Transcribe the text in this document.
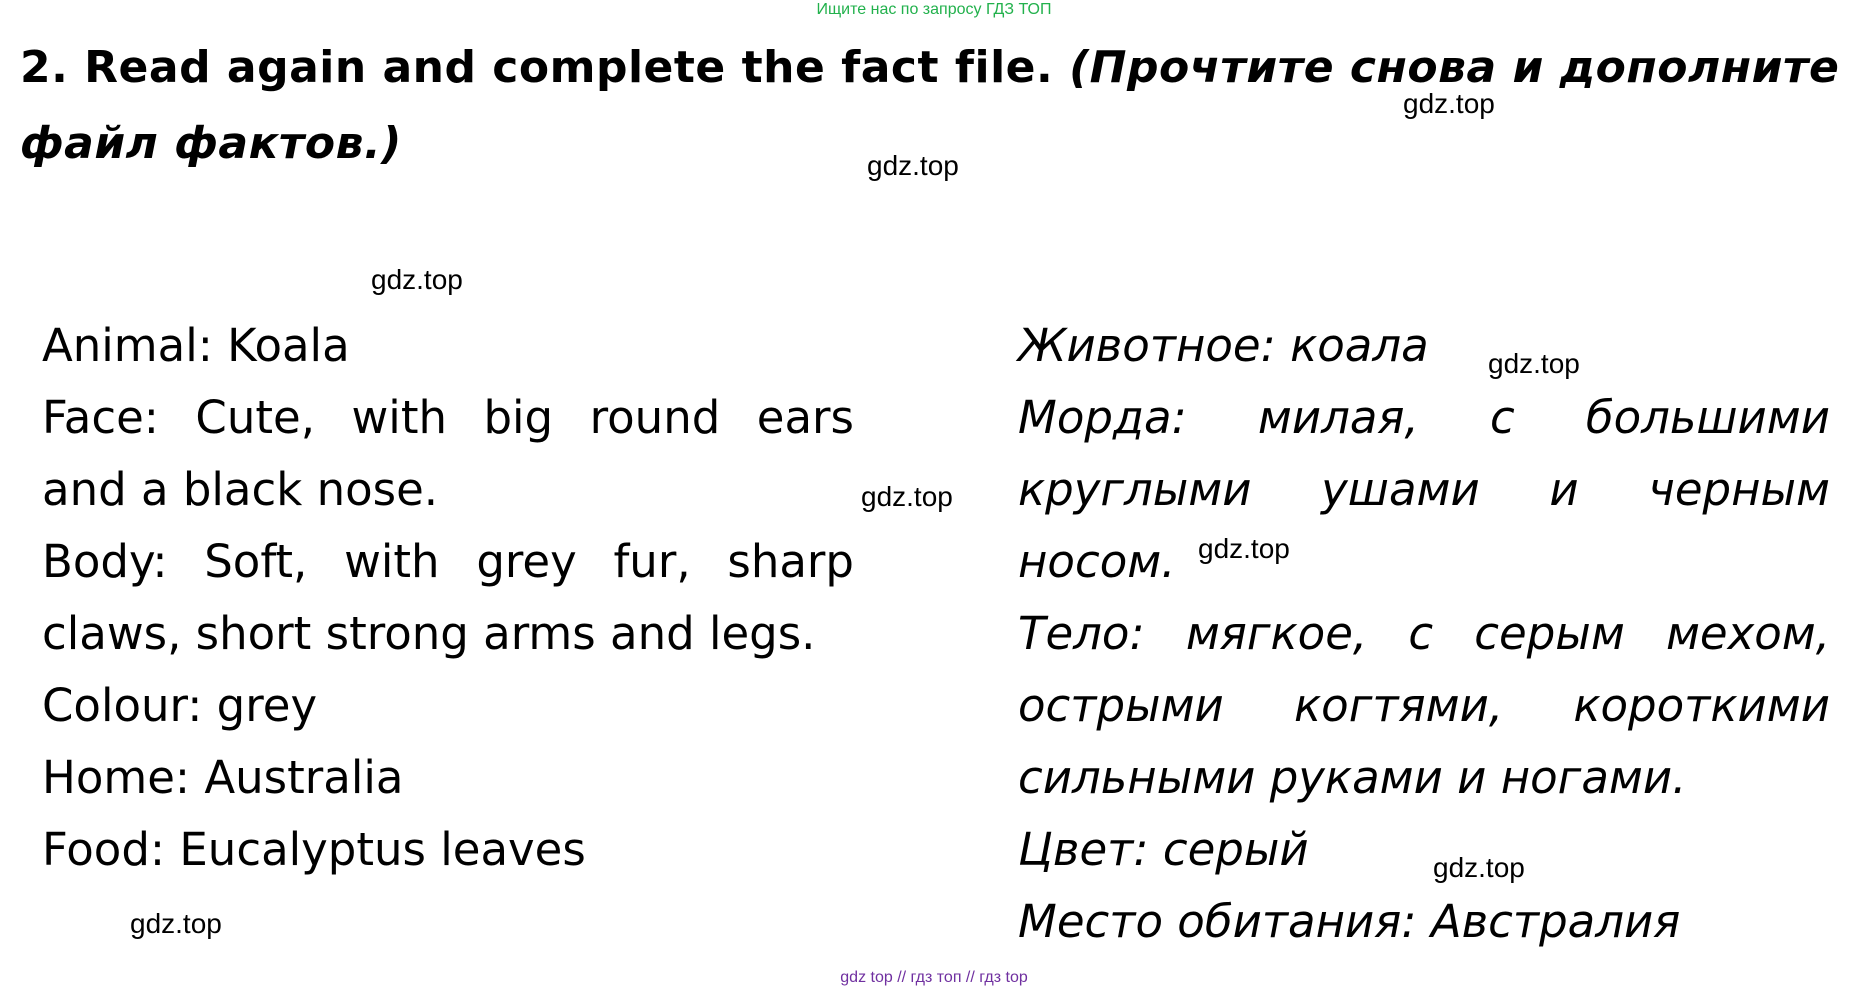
Ищите нас по запросу ГДЗ ТОП
2. Read again and complete the fact file. (Прочтите снова и дополните файл фактов.)
gdz.top
gdz.top
gdz.top
gdz.top
gdz.top
gdz.top
gdz.top
gdz.top
Animal: Koala
Face: Cute, with big round ears
and a black nose.
Body: Soft, with grey fur, sharp
claws, short strong arms and legs.
Colour: grey
Home: Australia
Food: Eucalyptus leaves
Животное: коала
Морда: милая, с большими
круглыми ушами и черным
носом.
Тело: мягкое, с серым мехом,
острыми когтями, короткими
сильными руками и ногами.
Цвет: серый
Место обитания: Австралия
gdz top // гдз топ // гдз top
